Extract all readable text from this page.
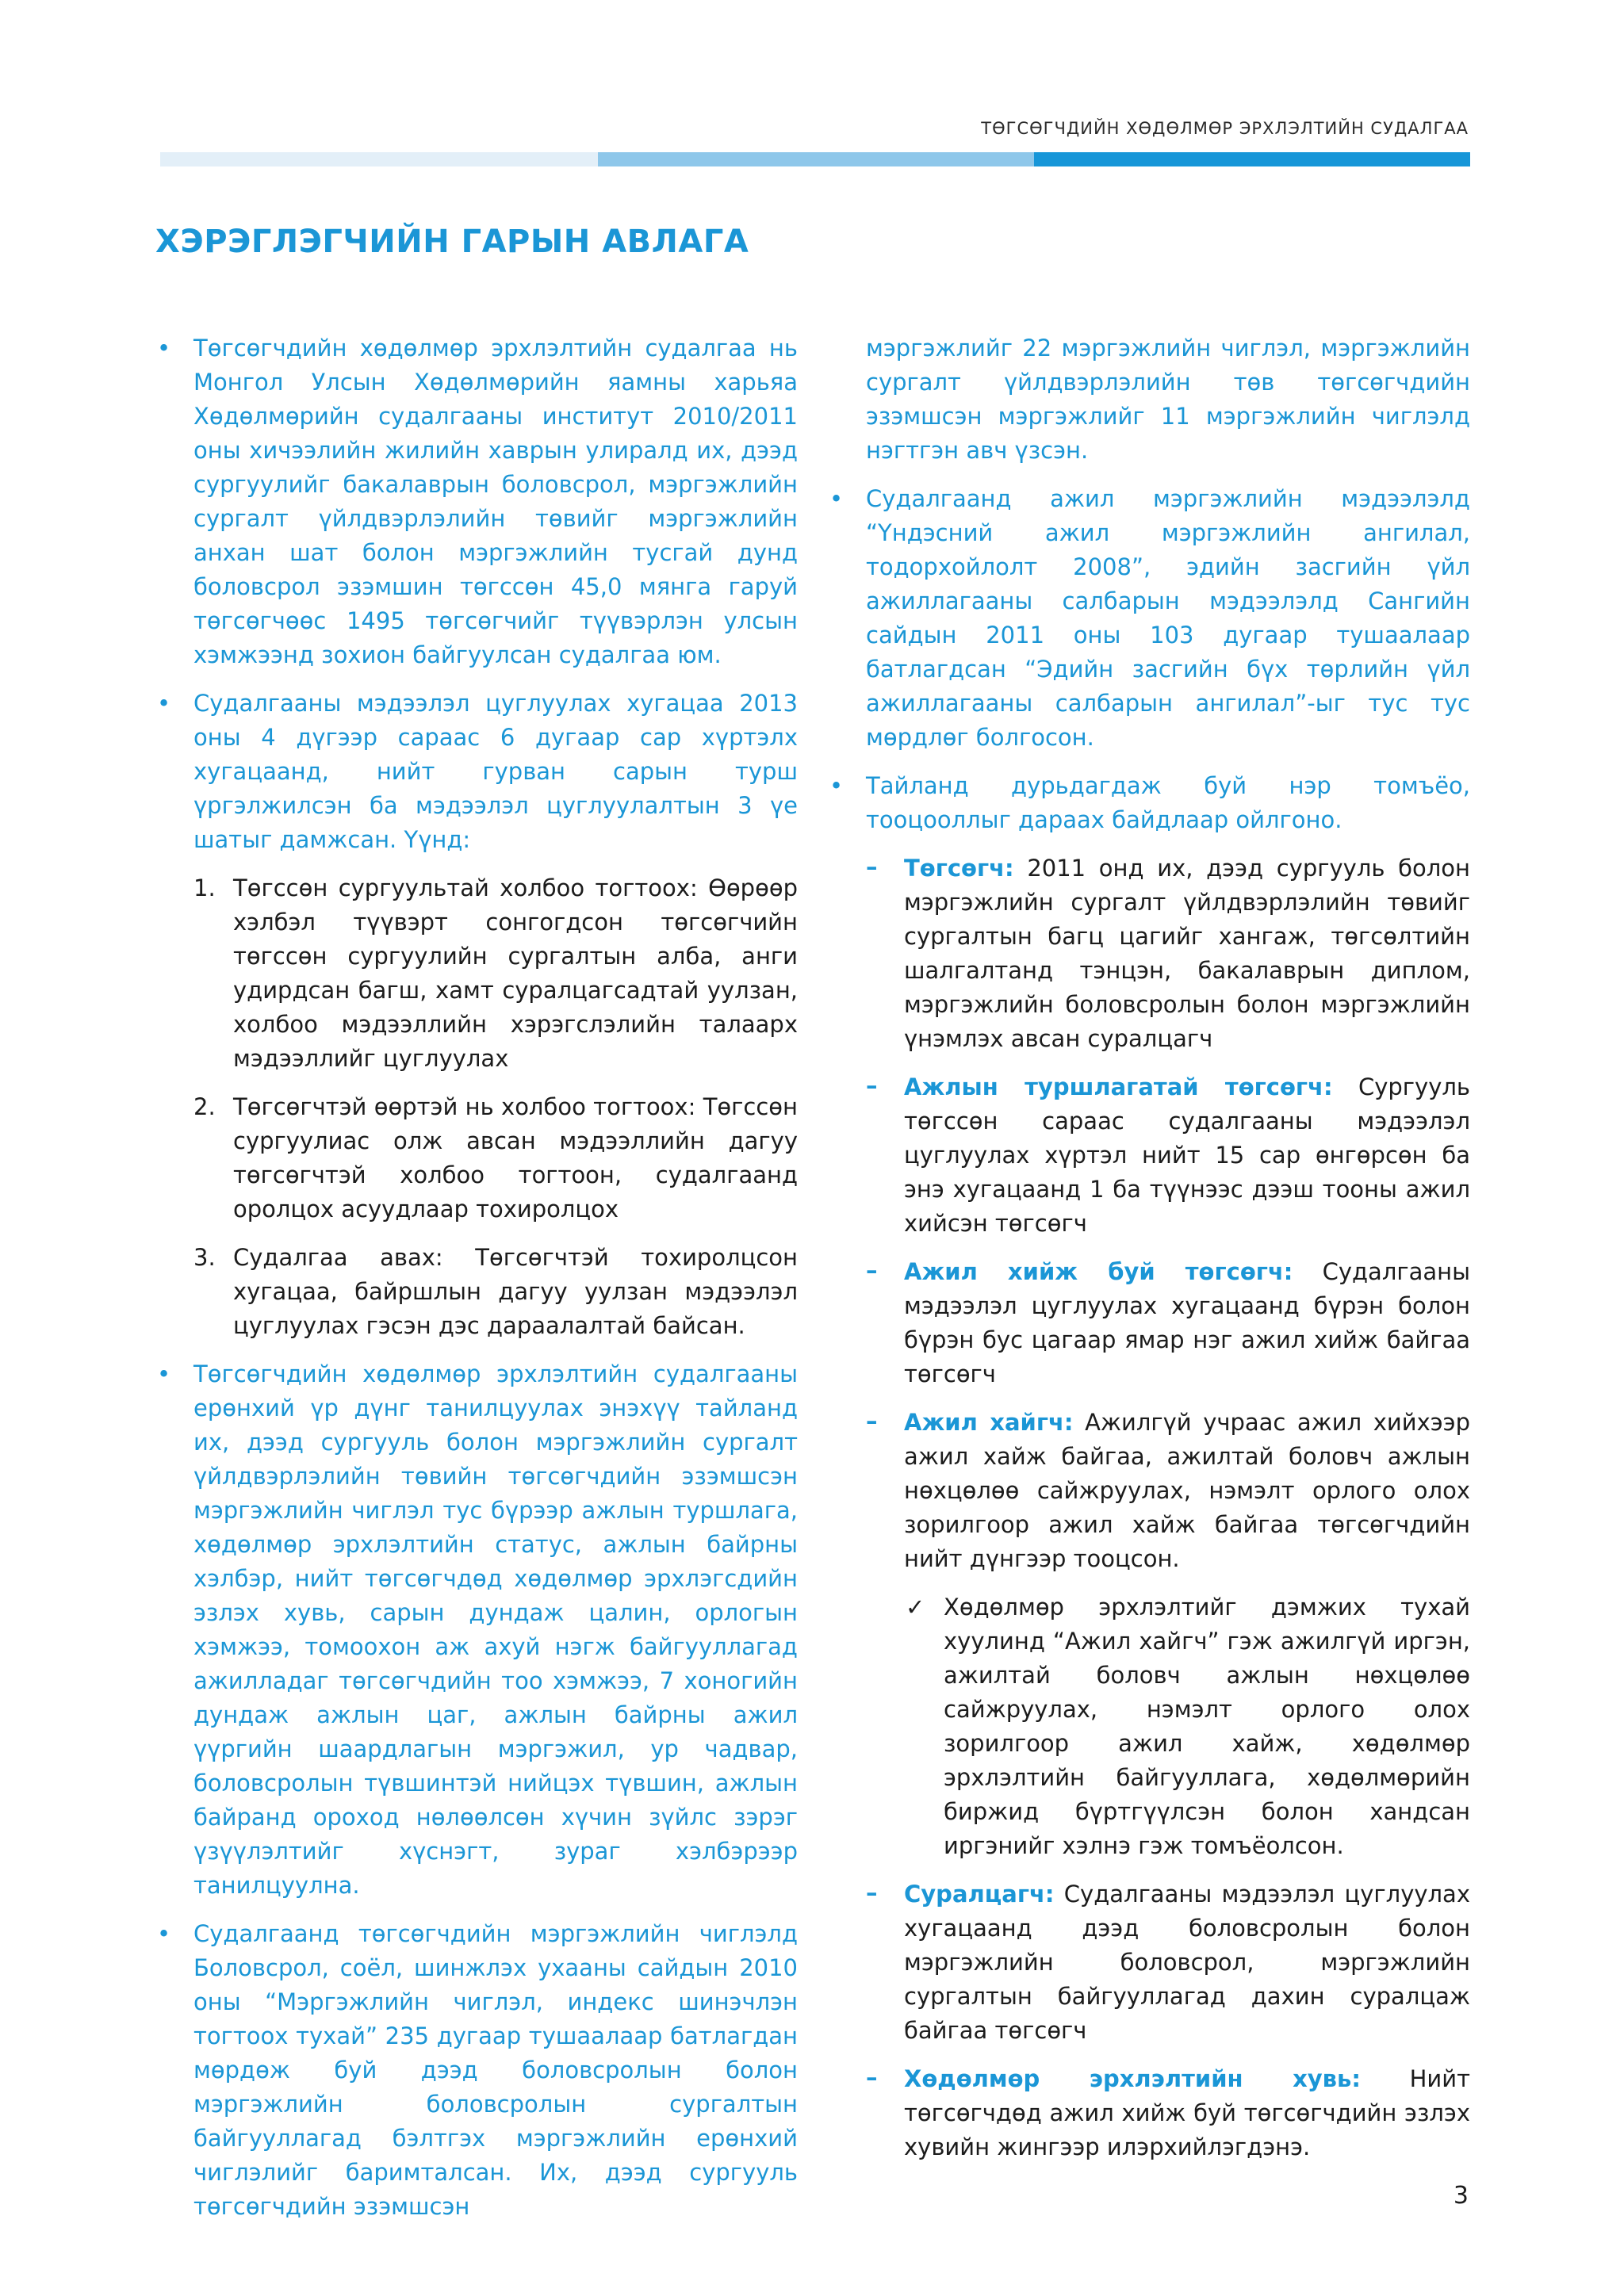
ТӨГСӨГЧДИЙН ХӨДӨЛМӨР ЭРХЛЭЛТИЙН СУДАЛГАА
ХЭРЭГЛЭГЧИЙН ГАРЫН АВЛАГА

• Төгсөгчдийн хөдөлмөр эрхлэлтийн судалгаа нь Монгол Улсын Хөдөлмөрийн яамны харьяа Хөдөлмөрийн судалгааны институт 2010/2011 оны хичээлийн жилийн хаврын улиралд их, дээд сургуулийг бакалаврын боловсрол, мэргэжлийн сургалт үйлдвэрлэлийн төвийг мэргэжлийн анхан шат болон мэргэжлийн тусгай дунд боловсрол эзэмшин төгссөн 45,0 мянга гаруй төгсөгчөөс 1495 төгсөгчийг түүвэрлэн улсын хэмжээнд зохион байгуулсан судалгаа юм.

• Судалгааны мэдээлэл цуглуулах хугацаа 2013 оны 4 дүгээр сараас 6 дугаар сар хүртэлх хугацаанд, нийт гурван сарын турш үргэлжилсэн ба мэдээлэл цуглуулалтын 3 үе шатыг дамжсан. Үүнд:

1. Төгссөн сургуультай холбоо тогтоох: Өөрөөр хэлбэл түүвэрт сонгогдсон төгсөгчийн төгссөн сургуулийн сургалтын алба, анги удирдсан багш, хамт суралцагсадтай уулзан, холбоо мэдээллийн хэрэгслэлийн талаарх мэдээллийг цуглуулах

2. Төгсөгчтэй өөртэй нь холбоо тогтоох: Төгссөн сургуулиас олж авсан мэдээллийн дагуу төгсөгчтэй холбоо тогтоон, судалгаанд оролцох асуудлаар тохиролцох

3. Судалгаа авах: Төгсөгчтэй тохиролцсон хугацаа, байршлын дагуу уулзан мэдээлэл цуглуулах гэсэн дэс дараалалтай байсан.

• Төгсөгчдийн хөдөлмөр эрхлэлтийн судалгааны ерөнхий үр дүнг танилцуулах энэхүү тайланд их, дээд сургууль болон мэргэжлийн сургалт үйлдвэрлэлийн төвийн төгсөгчдийн эзэмшсэн мэргэжлийн чиглэл тус бүрээр ажлын туршлага, хөдөлмөр эрхлэлтийн статус, ажлын байрны хэлбэр, нийт төгсөгчдөд хөдөлмөр эрхлэгсдийн эзлэх хувь, сарын дундаж цалин, орлогын хэмжээ, томоохон аж ахуй нэгж байгууллагад ажилладаг төгсөгчдийн тоо хэмжээ, 7 хоногийн дундаж ажлын цаг, ажлын байрны ажил үүргийн шаардлагын мэргэжил, ур чадвар, боловсролын түвшинтэй нийцэх түвшин, ажлын байранд ороход нөлөөлсөн хүчин зүйлс зэрэг үзүүлэлтийг хүснэгт, зураг хэлбэрээр танилцуулна.

• Судалгаанд төгсөгчдийн мэргэжлийн чиглэлд Боловсрол, соёл, шинжлэх ухааны сайдын 2010 оны “Мэргэжлийн чиглэл, индекс шинэчлэн тогтоох тухай” 235 дугаар тушаалаар батлагдан мөрдөж буй дээд боловсролын болон мэргэжлийн боловсролын сургалтын байгууллагад бэлтгэх мэргэжлийн ерөнхий чиглэлийг баримталсан. Их, дээд сургууль төгсөгчдийн эзэмшсэн

мэргэжлийг 22 мэргэжлийн чиглэл, мэргэжлийн сургалт үйлдвэрлэлийн төв төгсөгчдийн эзэмшсэн мэргэжлийг 11 мэргэжлийн чиглэлд нэгтгэн авч үзсэн.

• Судалгаанд ажил мэргэжлийн мэдээлэлд “Үндэсний ажил мэргэжлийн ангилал, тодорхойлолт 2008”, эдийн засгийн үйл ажиллагааны салбарын мэдээлэлд Сангийн сайдын 2011 оны 103 дугаар тушаалаар батлагдсан “Эдийн засгийн бүх төрлийн үйл ажиллагааны салбарын ангилал”-ыг тус тус мөрдлөг болгосон.

• Тайланд дурьдагдаж буй нэр томъёо, тооцооллыг дараах байдлаар ойлгоно.

– Төгсөгч: 2011 онд их, дээд сургууль болон мэргэжлийн сургалт үйлдвэрлэлийн төвийг сургалтын багц цагийг хангаж, төгсөлтийн шалгалтанд тэнцэн, бакалаврын диплом, мэргэжлийн боловсролын болон мэргэжлийн үнэмлэх авсан суралцагч

– Ажлын туршлагатай төгсөгч: Сургууль төгссөн сараас судалгааны мэдээлэл цуглуулах хүртэл нийт 15 сар өнгөрсөн ба энэ хугацаанд 1 ба түүнээс дээш тооны ажил хийсэн төгсөгч

– Ажил хийж буй төгсөгч: Судалгааны мэдээлэл цуглуулах хугацаанд бүрэн болон бүрэн бус цагаар ямар нэг ажил хийж байгаа төгсөгч

– Ажил хайгч: Ажилгүй учраас ажил хийхээр ажил хайж байгаа, ажилтай боловч ажлын нөхцөлөө сайжруулах, нэмэлт орлого олох зорилгоор ажил хайж байгаа төгсөгчдийн нийт дүнгээр тооцсон.

✓ Хөдөлмөр эрхлэлтийг дэмжих тухай хуулинд “Ажил хайгч” гэж ажилгүй иргэн, ажилтай боловч ажлын нөхцөлөө сайжруулах, нэмэлт орлого олох зорилгоор ажил хайж, хөдөлмөр эрхлэлтийн байгууллага, хөдөлмөрийн биржид бүртгүүлсэн болон хандсан иргэнийг хэлнэ гэж томъёолсон.

– Суралцагч: Судалгааны мэдээлэл цуглуулах хугацаанд дээд боловсролын болон мэргэжлийн боловсрол, мэргэжлийн сургалтын байгууллагад дахин суралцаж байгаа төгсөгч

– Хөдөлмөр эрхлэлтийн хувь: Нийт төгсөгчдөд ажил хийж буй төгсөгчдийн эзлэх хувийн жингээр илэрхийлэгдэнэ.

3
